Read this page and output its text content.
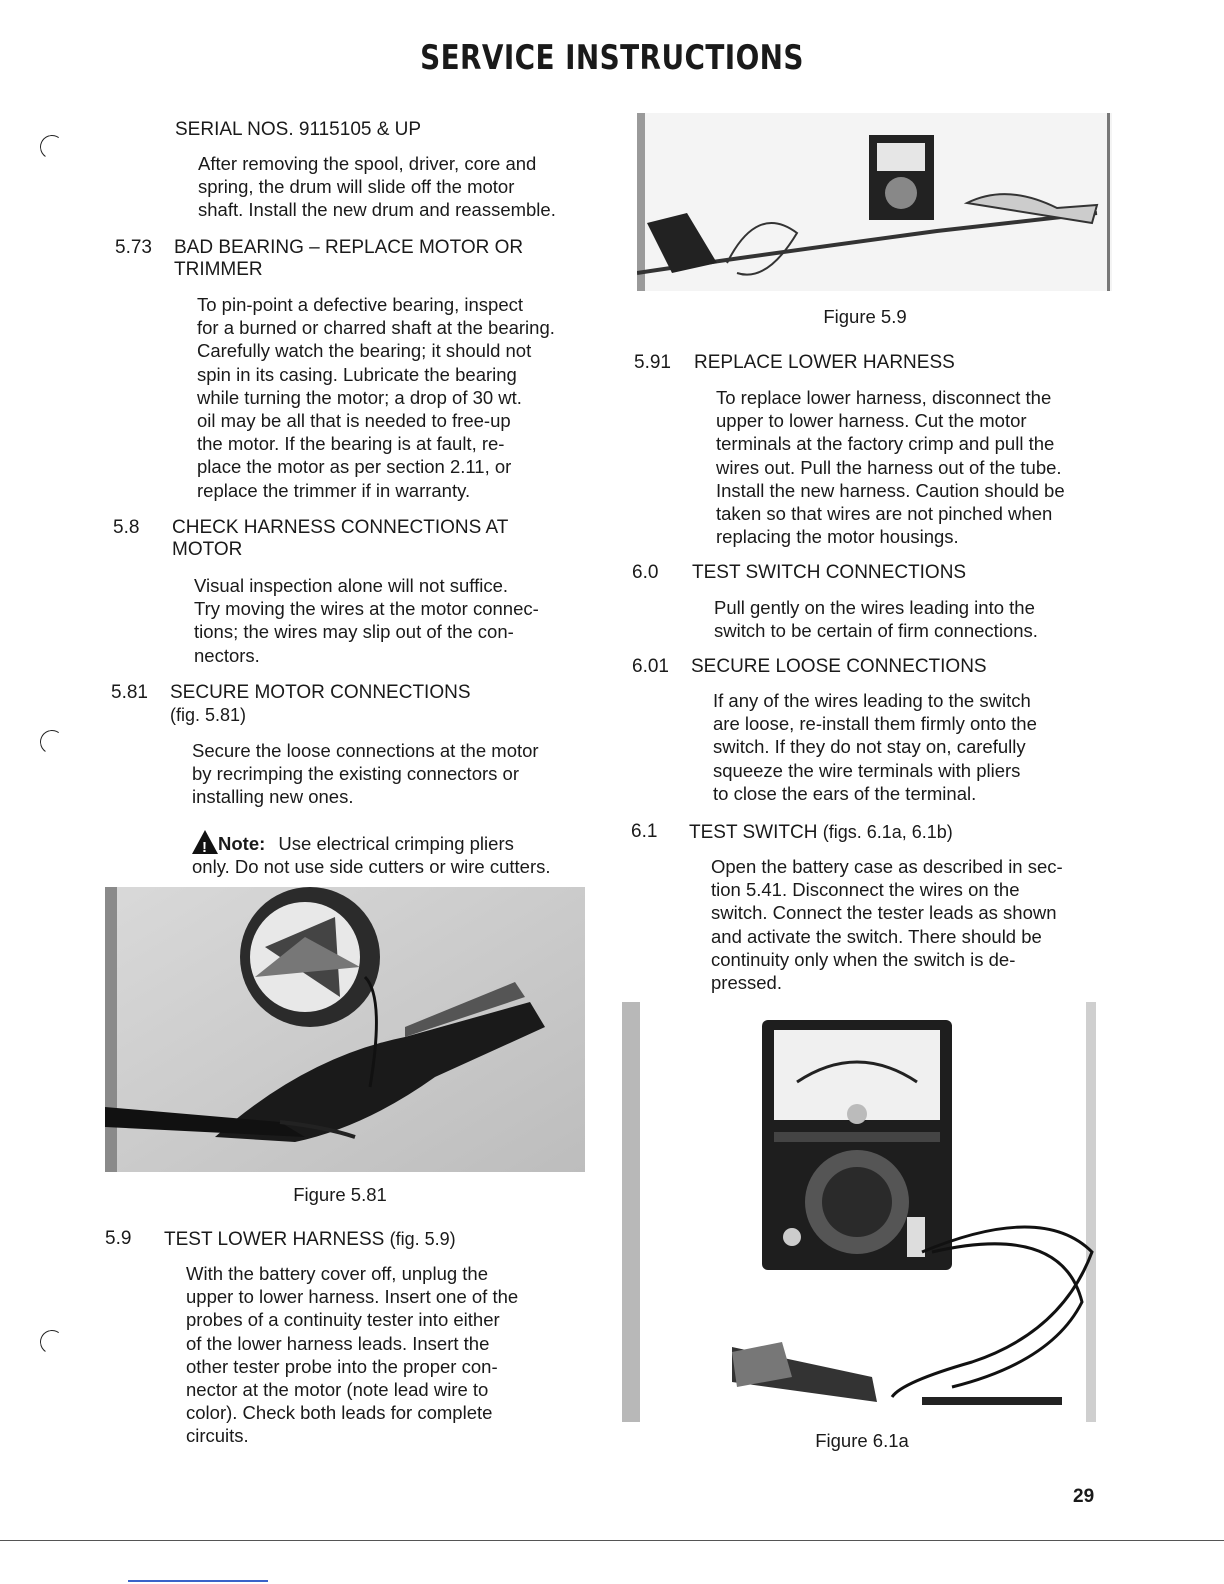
SERVICE INSTRUCTIONS
SERIAL NOS. 9115105 & UP
After removing the spool, driver, core and
spring, the drum will slide off the motor
shaft. Install the new drum and reassemble.
5.73 BAD BEARING – REPLACE MOTOR OR
TRIMMER
To pin-point a defective bearing, inspect
for a burned or charred shaft at the bearing.
Carefully watch the bearing; it should not
spin in its casing. Lubricate the bearing
while turning the motor; a drop of 30 wt.
oil may be all that is needed to free-up
the motor. If the bearing is at fault, re-
place the motor as per section 2.11, or
replace the trimmer if in warranty.
5.8 CHECK HARNESS CONNECTIONS AT
MOTOR
Visual inspection alone will not suffice.
Try moving the wires at the motor connec-
tions; the wires may slip out of the con-
nectors.
5.81 SECURE MOTOR CONNECTIONS
(fig. 5.81)
Secure the loose connections at the motor
by recrimping the existing connectors or
installing new ones.
!Note: Use electrical crimping pliers
only. Do not use side cutters or wire cutters.
Figure 5.81
5.9 TEST LOWER HARNESS (fig. 5.9)
With the battery cover off, unplug the
upper to lower harness. Insert one of the
probes of a continuity tester into either
of the lower harness leads. Insert the
other tester probe into the proper con-
nector at the motor (note lead wire to
color). Check both leads for complete
circuits.
Figure 5.9
5.91 REPLACE LOWER HARNESS
To replace lower harness, disconnect the
upper to lower harness. Cut the motor
terminals at the factory crimp and pull the
wires out. Pull the harness out of the tube.
Install the new harness. Caution should be
taken so that wires are not pinched when
replacing the motor housings.
6.0 TEST SWITCH CONNECTIONS
Pull gently on the wires leading into the
switch to be certain of firm connections.
6.01 SECURE LOOSE CONNECTIONS
If any of the wires leading to the switch
are loose, re-install them firmly onto the
switch. If they do not stay on, carefully
squeeze the wire terminals with pliers
to close the ears of the terminal.
6.1 TEST SWITCH (figs. 6.1a, 6.1b)
Open the battery case as described in sec-
tion 5.41. Disconnect the wires on the
switch. Connect the tester leads as shown
and activate the switch. There should be
continuity only when the switch is de-
pressed.
Figure 6.1a
29
